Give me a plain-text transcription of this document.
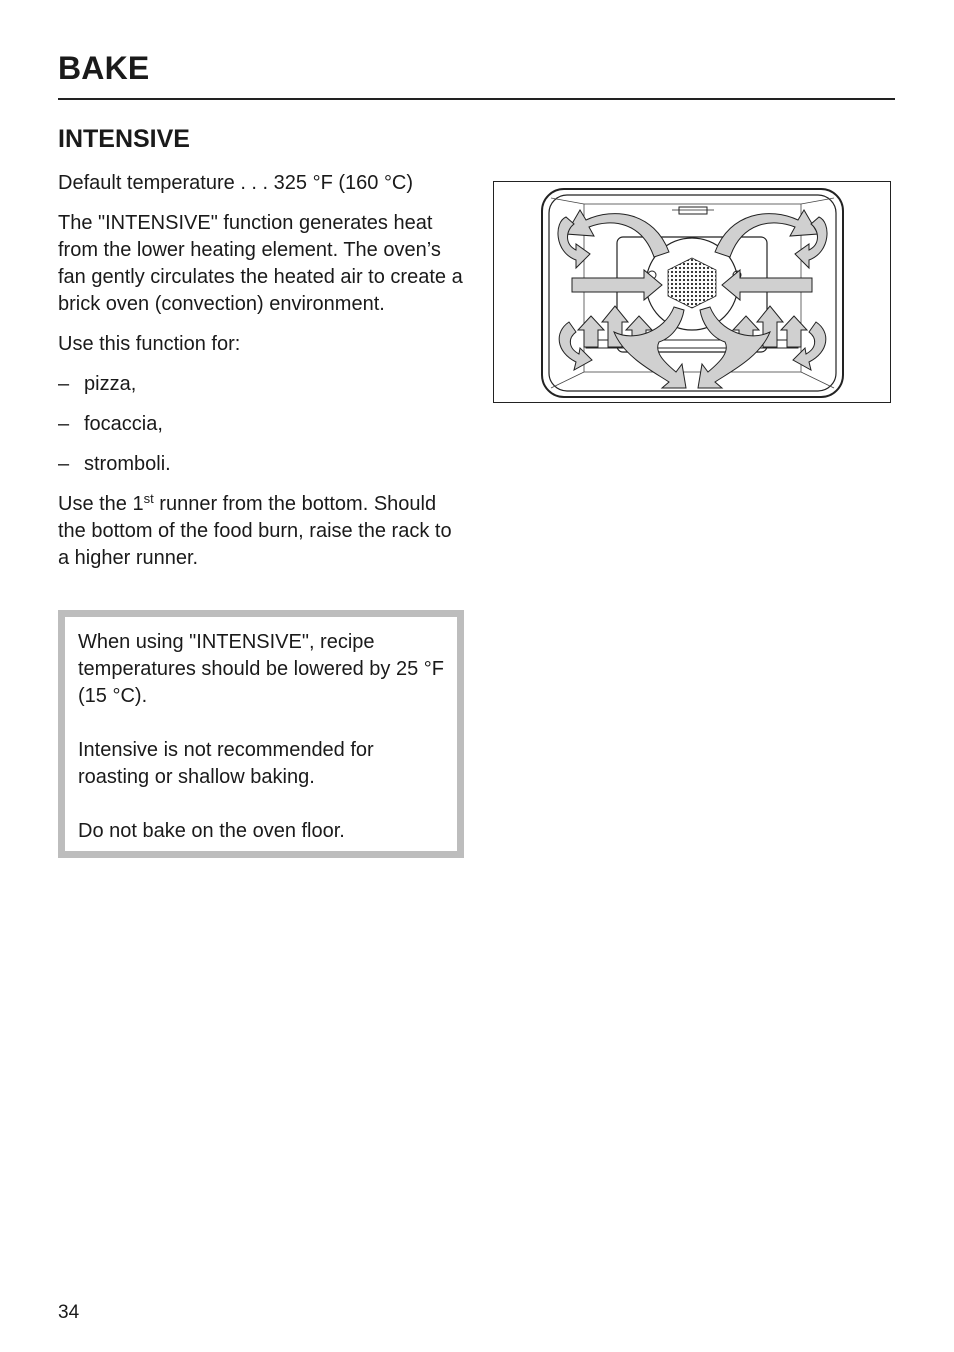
BAKE
INTENSIVE

Default temperature . . . 325 °F (160 °C)

The "INTENSIVE" function generates heat from the lower heating element. The oven’s fan gently circulates the heated air to create a brick oven (convection) environment.

Use this function for:

– pizza,
– focaccia,
– stromboli.

Use the 1st runner from the bottom. Should the bottom of the food burn, raise the rack to a higher runner.

When using "INTENSIVE", recipe temperatures should be lowered by 25 °F (15 °C).

Intensive is not recommended for roasting or shallow baking.

Do not bake on the oven floor.

34
